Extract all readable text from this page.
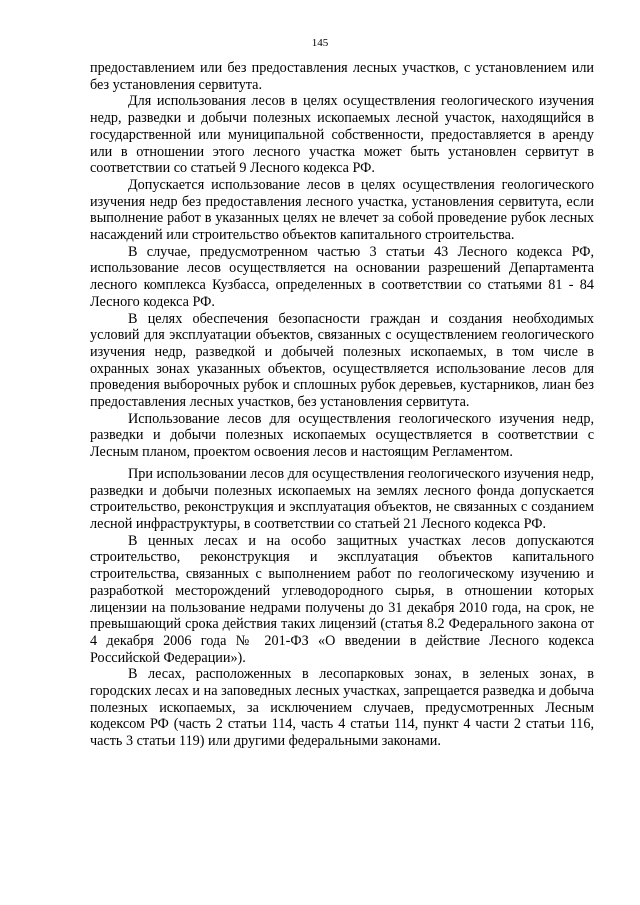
145

предоставлением или без предоставления лесных участков, с установлением или без установления сервитута.

Для использования лесов в целях осуществления геологического изучения недр, разведки и добычи полезных ископаемых лесной участок, находящийся в государственной или муниципальной собственности, предоставляется в аренду или в отношении этого лесного участка может быть установлен сервитут в соответствии со статьей 9 Лесного кодекса РФ.

Допускается использование лесов в целях осуществления геологического изучения недр без предоставления лесного участка, установления сервитута, если выполнение работ в указанных целях не влечет за собой проведение рубок лесных насаждений или строительство объектов капитального строительства.

В случае, предусмотренном частью 3 статьи 43 Лесного кодекса РФ, использование лесов осуществляется на основании разрешений Департамента лесного комплекса Кузбасса, определенных в соответствии со статьями 81 - 84 Лесного кодекса РФ.

В целях обеспечения безопасности граждан и создания необходимых условий для эксплуатации объектов, связанных с осуществлением геологического изучения недр, разведкой и добычей полезных ископаемых, в том числе в охранных зонах указанных объектов, осуществляется использование лесов для проведения выборочных рубок и сплошных рубок деревьев, кустарников, лиан без предоставления лесных участков, без установления сервитута.

Использование лесов для осуществления геологического изучения недр, разведки и добычи полезных ископаемых осуществляется в соответствии с Лесным планом, проектом освоения лесов и настоящим Регламентом.

При использовании лесов для осуществления геологического изучения недр, разведки и добычи полезных ископаемых на землях лесного фонда допускается строительство, реконструкция и эксплуатация объектов, не связанных с созданием лесной инфраструктуры, в соответствии со статьей 21 Лесного кодекса РФ.

В ценных лесах и на особо защитных участках лесов допускаются строительство, реконструкция и эксплуатация объектов капитального строительства, связанных с выполнением работ по геологическому изучению и разработкой месторождений углеводородного сырья, в отношении которых лицензии на пользование недрами получены до 31 декабря 2010 года, на срок, не превышающий срока действия таких лицензий (статья 8.2 Федерального закона от 4 декабря 2006 года № 201-ФЗ «О введении в действие Лесного кодекса Российской Федерации»).

В лесах, расположенных в лесопарковых зонах, в зеленых зонах, в городских лесах и на заповедных лесных участках, запрещается разведка и добыча полезных ископаемых, за исключением случаев, предусмотренных Лесным кодексом РФ (часть 2 статьи 114, часть 4 статьи 114, пункт 4 части 2 статьи 116, часть 3 статьи 119) или другими федеральными законами.
